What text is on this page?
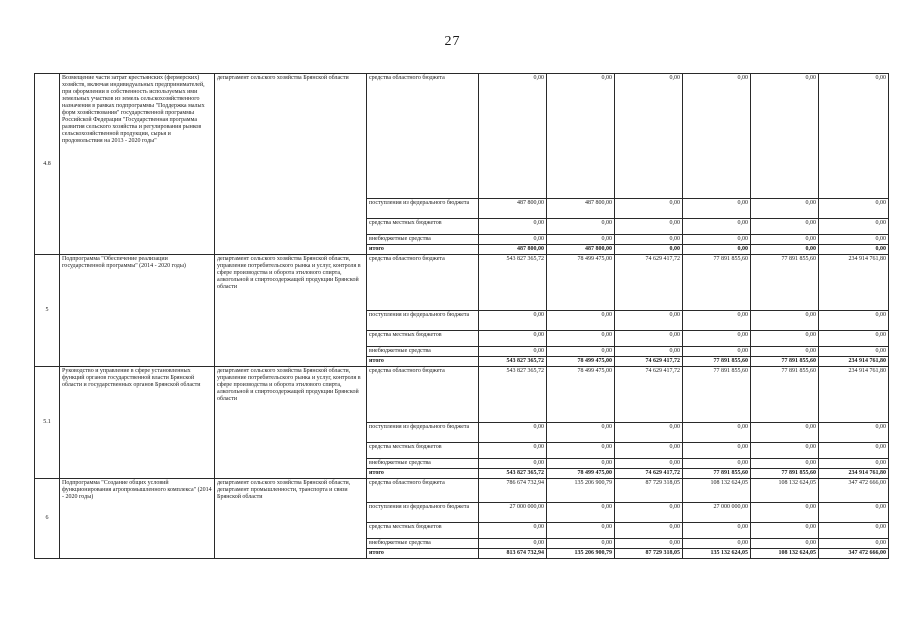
27
4.8	Возмещение части затрат крестьянских (фермерских) хозяйств, включая индивидуальных предпринимателей, при оформлении в собственность используемых ими земельных участков из земель сельскохозяйственного назначения в рамках подпрограммы "Поддержка малых форм хозяйствования" государственной программы Российской Федерации "Государственная программа развития сельского хозяйства и регулирования рынков сельскохозяйственной продукции, сырья и продовольствия на 2013 - 2020 годы"	департамент сельского хозяйства Брянской области	средства областного бюджета	0,00	0,00	0,00	0,00	0,00	0,00
			поступления из федерального бюджета	487 800,00	487 800,00	0,00	0,00	0,00	0,00
			средства местных бюджетов	0,00	0,00	0,00	0,00	0,00	0,00
			внебюджетные средства	0,00	0,00	0,00	0,00	0,00	0,00
			итого	487 800,00	487 800,00	0,00	0,00	0,00	0,00
5	Подпрограмма "Обеспечение реализации государственной программы" (2014 - 2020 годы)	департамент сельского хозяйства Брянской области, управление потребительского рынка и услуг, контроля в сфере производства и оборота этилового спирта, алкогольной и спиртосодержащей продукции Брянской области	средства областного бюджета	543 827 365,72	78 499 475,00	74 629 417,72	77 891 855,60	77 891 855,60	234 914 761,80
			поступления из федерального бюджета	0,00	0,00	0,00	0,00	0,00	0,00
			средства местных бюджетов	0,00	0,00	0,00	0,00	0,00	0,00
			внебюджетные средства	0,00	0,00	0,00	0,00	0,00	0,00
			итого	543 827 365,72	78 499 475,00	74 629 417,72	77 891 855,60	77 891 855,60	234 914 761,80
5.1	Руководство и управление в сфере установленных функций органов государственной власти Брянской области и государственных органов Брянской области	департамент сельского хозяйства Брянской области, управление потребительского рынка и услуг, контроля в сфере производства и оборота этилового спирта, алкогольной и спиртосодержащей продукции Брянской области	средства областного бюджета	543 827 365,72	78 499 475,00	74 629 417,72	77 891 855,60	77 891 855,60	234 914 761,80
			поступления из федерального бюджета	0,00	0,00	0,00	0,00	0,00	0,00
			средства местных бюджетов	0,00	0,00	0,00	0,00	0,00	0,00
			внебюджетные средства	0,00	0,00	0,00	0,00	0,00	0,00
			итого	543 827 365,72	78 499 475,00	74 629 417,72	77 891 855,60	77 891 855,60	234 914 761,80
6	Подпрограмма "Создание общих условий функционирования агропромышленного комплекса" (2014 - 2020 годы)	департамент сельского хозяйства Брянской области, департамент промышленности, транспорта и связи Брянской области	средства областного бюджета	786 674 732,94	135 206 900,79	87 729 318,05	108 132 624,05	108 132 624,05	347 472 666,00
			поступления из федерального бюджета	27 000 000,00	0,00	0,00	27 000 000,00	0,00	0,00
			средства местных бюджетов	0,00	0,00	0,00	0,00	0,00	0,00
			внебюджетные средства	0,00	0,00	0,00	0,00	0,00	0,00
			итого	813 674 732,94	135 206 900,79	87 729 318,05	135 132 624,05	108 132 624,05	347 472 666,00
